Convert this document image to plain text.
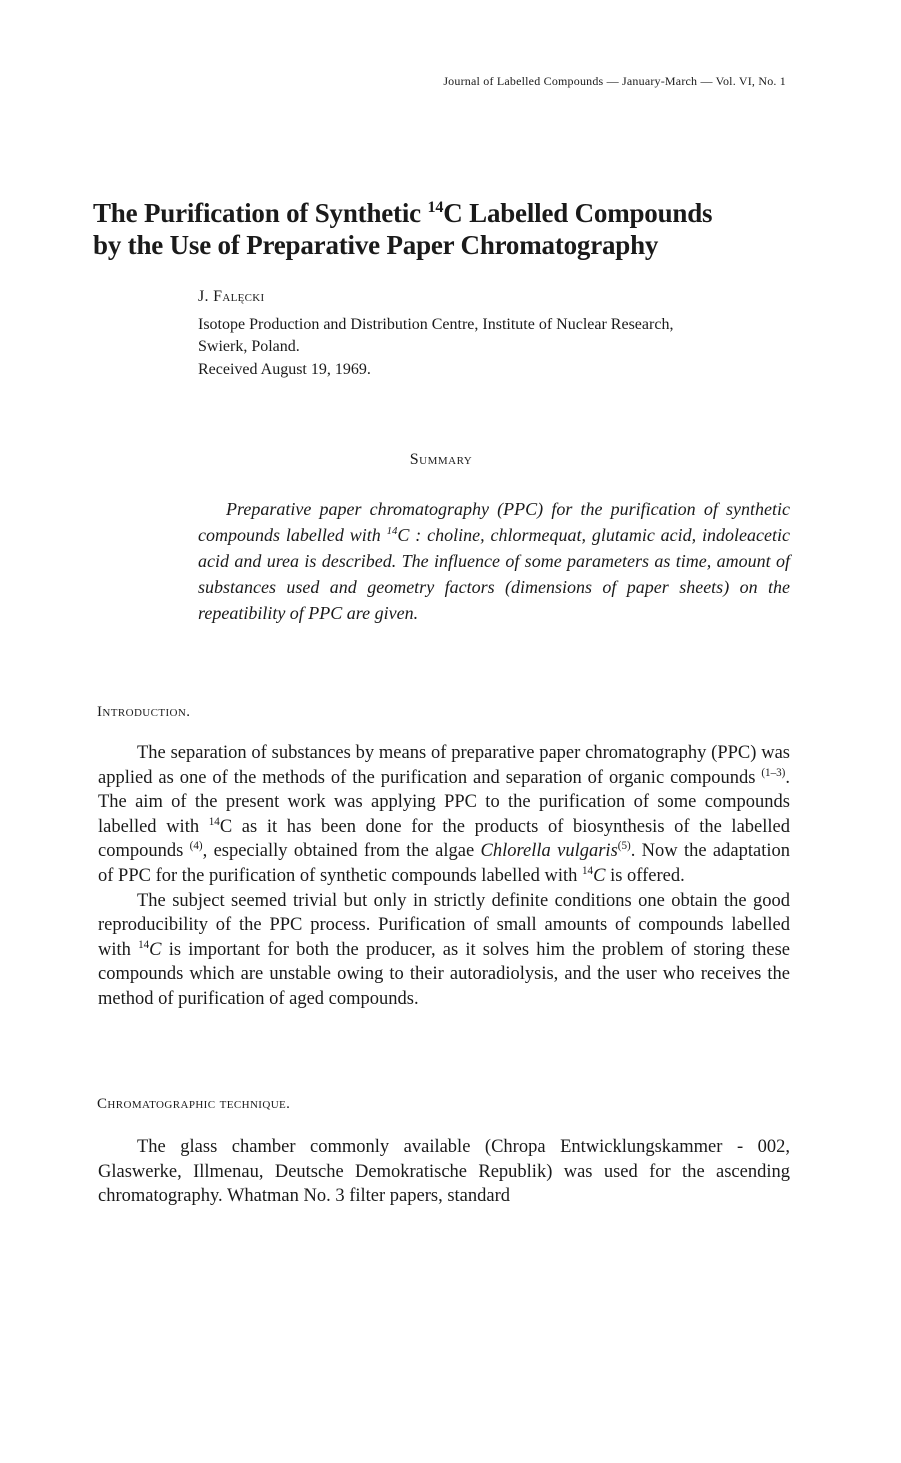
Journal of Labelled Compounds — January-March — Vol. VI, No. 1
The Purification of Synthetic $^{14}$C Labelled Compounds
by the Use of Preparative Paper Chromatography
J. Falęcki
Isotope Production and Distribution Centre, Institute of Nuclear Research,
Swierk, Poland.
Received August 19, 1969.
Summary

Preparative paper chromatography (PPC) for the purification of synthetic compounds labelled with $^{14}$C : choline, chlormequat, glutamic acid, indoleacetic acid and urea is described. The influence of some parameters as time, amount of substances used and geometry factors (dimensions of paper sheets) on the repeatibility of PPC are given.

Introduction.

The separation of substances by means of preparative paper chromatography (PPC) was applied as one of the methods of the purification and separation of organic compounds $^{(1-3)}$. The aim of the present work was applying PPC to the purification of some compounds labelled with $^{14}$C as it has been done for the products of biosynthesis of the labelled compounds $^{(4)}$, especially obtained from the algae Chlorella vulgaris$^{(5)}$. Now the adaptation of PPC for the purification of synthetic compounds labelled with $^{14}$C is offered.

The subject seemed trivial but only in strictly definite conditions one obtain the good reproducibility of the PPC process. Purification of small amounts of compounds labelled with $^{14}$C is important for both the producer, as it solves him the problem of storing these compounds which are unstable owing to their autoradiolysis, and the user who receives the method of purification of aged compounds.

Chromatographic technique.

The glass chamber commonly available (Chropa Entwicklungskammer - 002, Glaswerke, Illmenau, Deutsche Demokratische Republik) was used for the ascending chromatography. Whatman No. 3 filter papers, standard
